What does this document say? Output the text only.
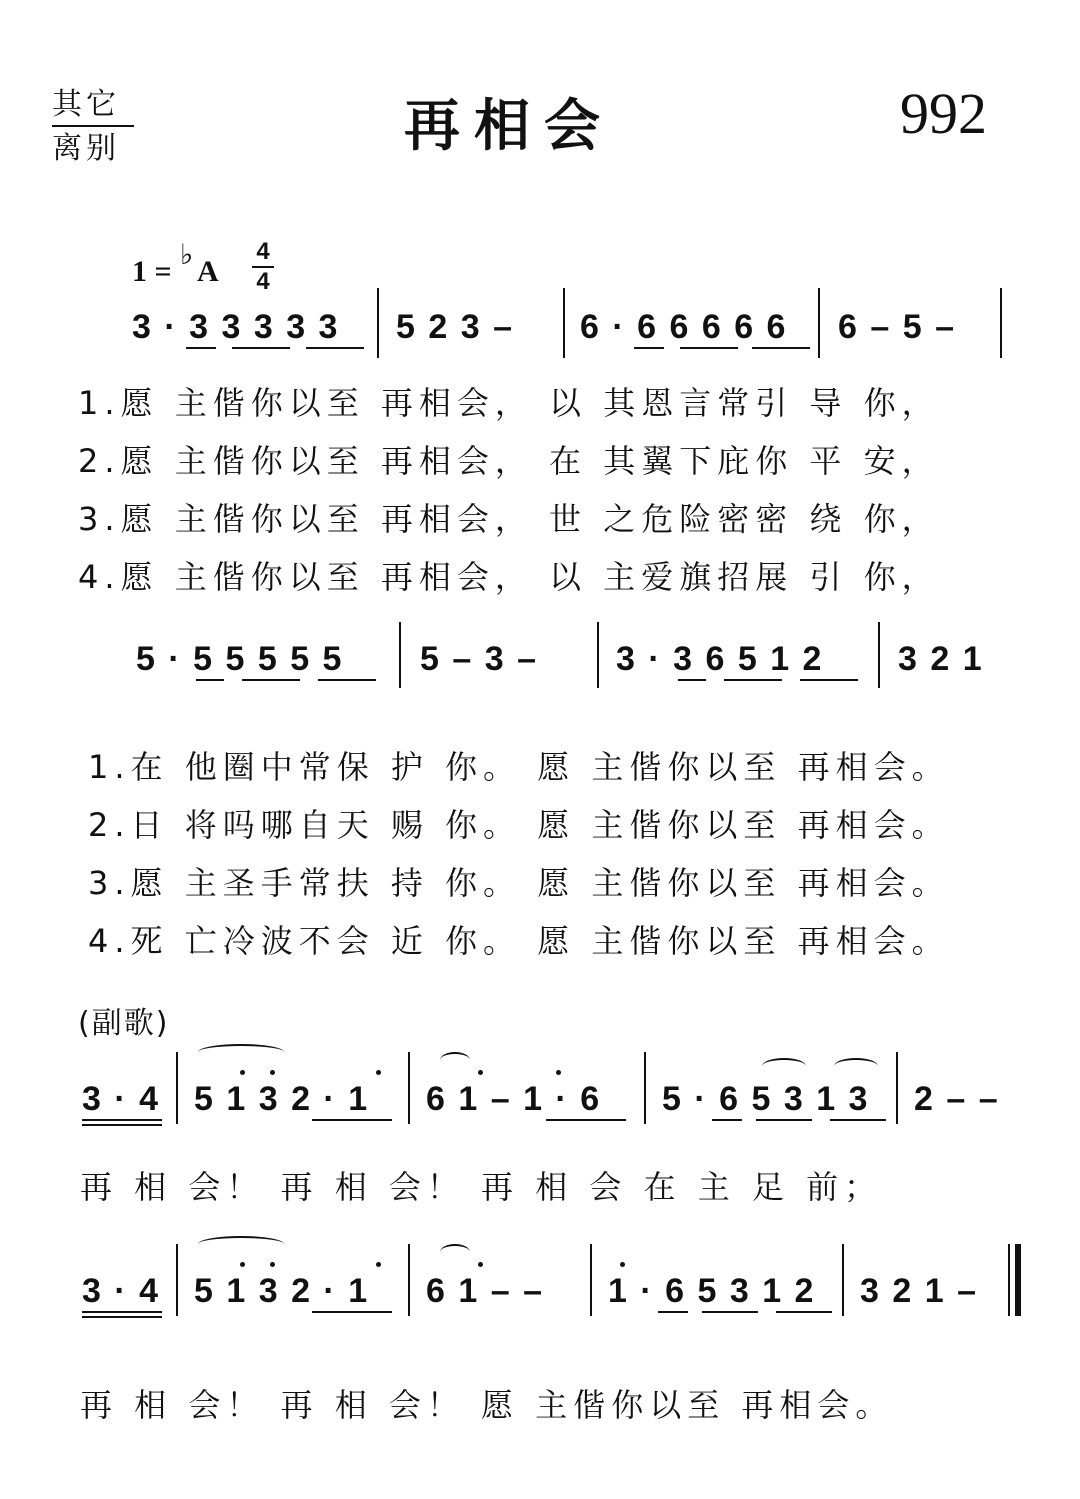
其它
离别	再相会	992
1 =
♭
A
4
4
3 · 3 3 3 3 3 5 2 3 – 6 · 6 6 6 6 6 6 – 5 –
1.愿 主偕你以至 再相会， 以 其恩言常引 导 你，
2.愿 主偕你以至 再相会， 在 其翼下庇你 平 安，
3.愿 主偕你以至 再相会， 世 之危险密密 绕 你，
4.愿 主偕你以至 再相会， 以 主爱旗招展 引 你，
5 · 5 5 5 5 5 5 – 3 – 3 · 3 6 5 1 2 3 2 1
1.在 他圈中常保 护 你。 愿 主偕你以至 再相会。
2.日 将吗哪自天 赐 你。 愿 主偕你以至 再相会。
3.愿 主圣手常扶 持 你。 愿 主偕你以至 再相会。
4.死 亡冷波不会 近 你。 愿 主偕你以至 再相会。
(副歌)
3 · 4 5 1 3 2 · 1 6 1 – 1 · 6 5 · 6 5 3 1 3 2 – –
再 相 会！ 再 相 会！ 再 相 会 在 主 足 前；
3 · 4 5 1 3 2 · 1 6 1 – – 1 · 6 5 3 1 2 3 2 1 –
再 相 会！ 再 相 会！ 愿 主偕你以至 再相会。
